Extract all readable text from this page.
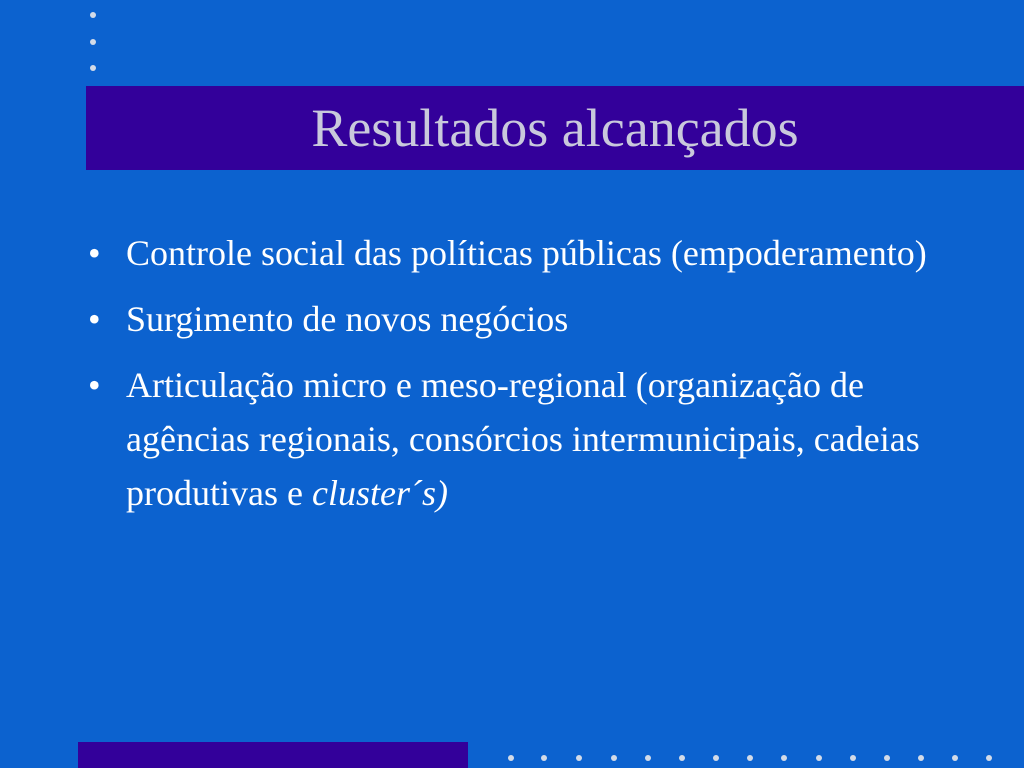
Resultados alcançados
• Controle social das políticas públicas (empoderamento)
• Surgimento de novos negócios
• Articulação micro e meso-regional (organização de agências regionais, consórcios intermunicipais, cadeias produtivas e cluster´s)
